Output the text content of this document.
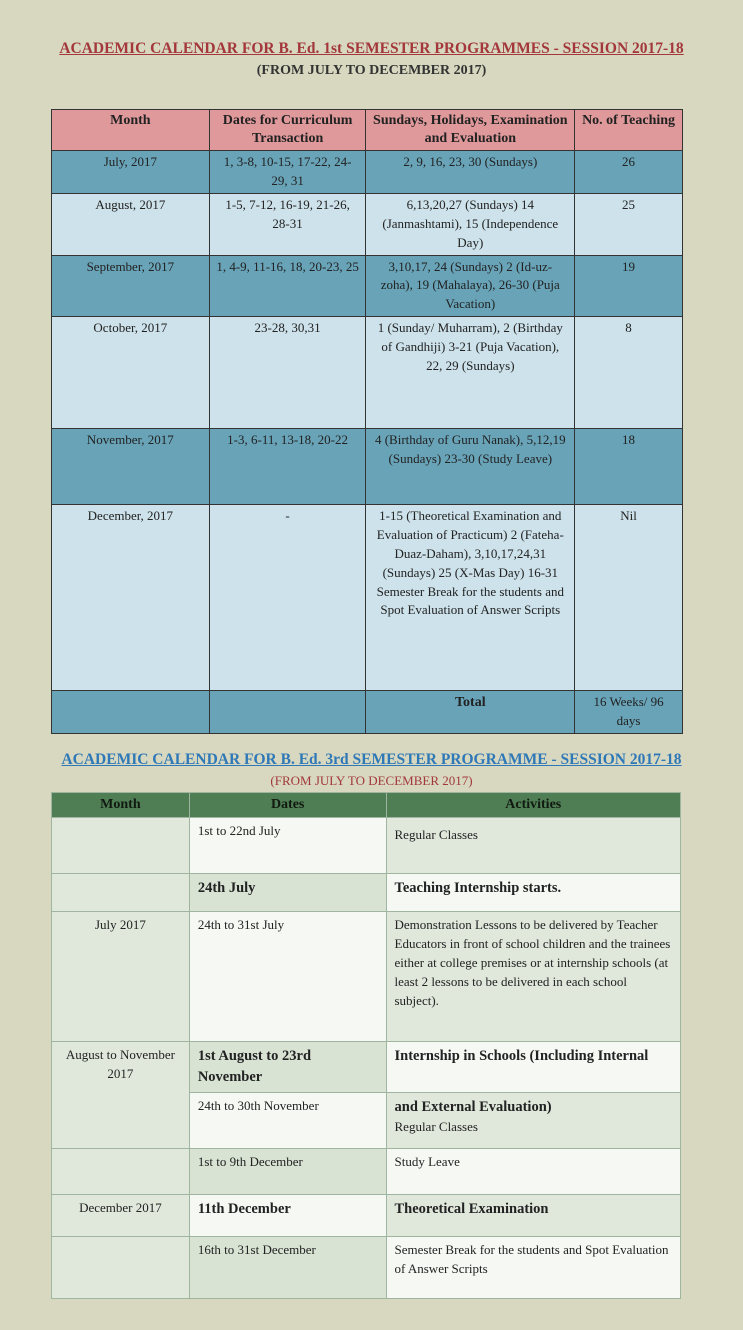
ACADEMIC CALENDAR FOR B. Ed. 1st SEMESTER PROGRAMMES - SESSION 2017-18
(FROM JULY TO DECEMBER 2017)
Month	Dates for Curriculum Transaction	Sundays, Holidays, Examination and Evaluation	No. of Teaching
July, 2017	1, 3-8, 10-15, 17-22, 24-29, 31	2, 9, 16, 23, 30 (Sundays)	26
August, 2017	1-5, 7-12, 16-19, 21-26, 28-31	6,13,20,27 (Sundays) 14 (Janmashtami), 15 (Independence Day)	25
September, 2017	1, 4-9, 11-16, 18, 20-23, 25	3,10,17, 24 (Sundays) 2 (Id-uz-zoha), 19 (Mahalaya), 26-30 (Puja Vacation)	19
October, 2017	23-28, 30,31	1 (Sunday/ Muharram), 2 (Birthday of Gandhiji) 3-21 (Puja Vacation), 22, 29 (Sundays)	8
November, 2017	1-3, 6-11, 13-18, 20-22	4 (Birthday of Guru Nanak), 5,12,19 (Sundays) 23-30 (Study Leave)	18
December, 2017	-	1-15 (Theoretical Examination and Evaluation of Practicum) 2 (Fateha-Duaz-Daham), 3,10,17,24,31 (Sundays) 25 (X-Mas Day) 16-31 Semester Break for the students and Spot Evaluation of Answer Scripts	Nil
		Total	16 Weeks/ 96 days
ACADEMIC CALENDAR FOR B. Ed. 3rd SEMESTER PROGRAMME - SESSION 2017-18
(FROM JULY TO DECEMBER 2017)
Month	Dates	Activities
	1st to 22nd July	Regular Classes
	24th July	Teaching Internship starts.
July 2017	24th to 31st July	Demonstration Lessons to be delivered by Teacher Educators in front of school children and the trainees either at college premises or at internship schools (at least 2 lessons to be delivered in each school subject).
August to November 2017	1st August to 23rd November	Internship in Schools (Including Internal
	24th to 30th November	and External Evaluation)
Regular Classes

	1st to 9th December	Study Leave
December 2017	11th December	Theoretical Examination
	16th to 31st December	Semester Break for the students and Spot Evaluation of Answer Scripts
